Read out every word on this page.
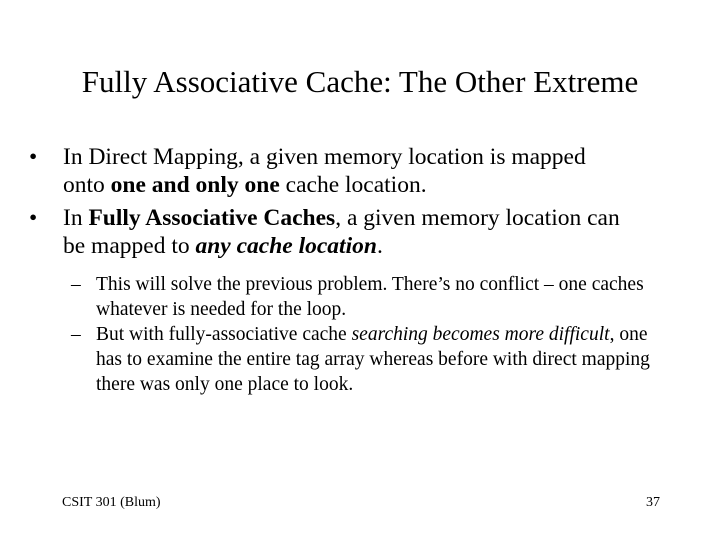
Fully Associative Cache: The Other Extreme
• In Direct Mapping, a given memory location is mapped onto one and only one cache location.
• In Fully Associative Caches, a given memory location can be mapped to any cache location.
– This will solve the previous problem. There’s no conflict – one caches whatever is needed for the loop.
– But with fully-associative cache searching becomes more difficult, one has to examine the entire tag array whereas before with direct mapping there was only one place to look.
CSIT 301 (Blum)	37
